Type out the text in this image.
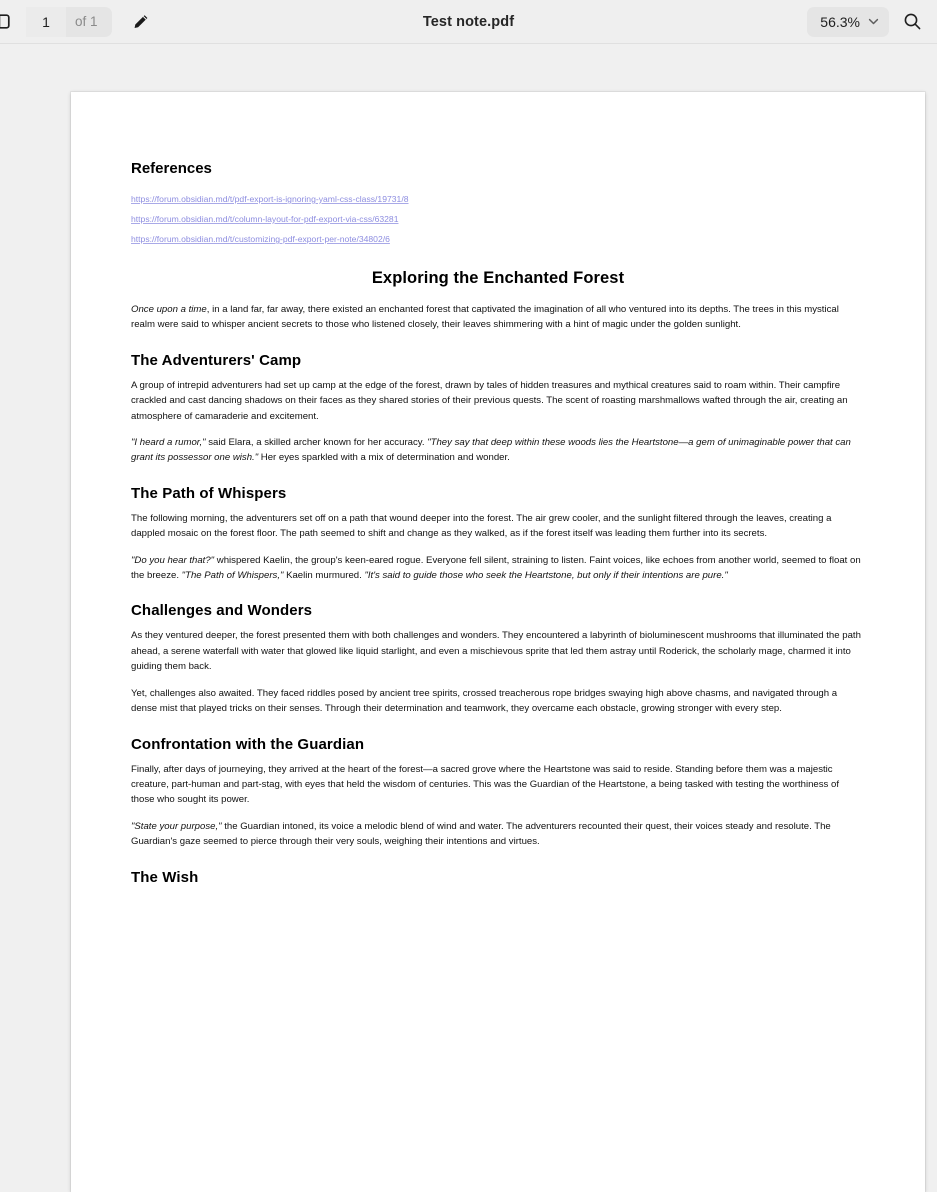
1
of 1	Test note.pdf	56.3%
References
https://forum.obsidian.md/t/pdf-export-is-ignoring-yaml-css-class/19731/8
https://forum.obsidian.md/t/column-layout-for-pdf-export-via-css/63281
https://forum.obsidian.md/t/customizing-pdf-export-per-note/34802/6
Exploring the Enchanted Forest

Once upon a time, in a land far, far away, there existed an enchanted forest that captivated the imagination of all who ventured into its depths. The trees in this mystical realm were said to whisper ancient secrets to those who listened closely, their leaves shimmering with a hint of magic under the golden sunlight.

The Adventurers' Camp

A group of intrepid adventurers had set up camp at the edge of the forest, drawn by tales of hidden treasures and mythical creatures said to roam within. Their campfire crackled and cast dancing shadows on their faces as they shared stories of their previous quests. The scent of roasting marshmallows wafted through the air, creating an atmosphere of camaraderie and excitement.

"I heard a rumor," said Elara, a skilled archer known for her accuracy. "They say that deep within these woods lies the Heartstone—a gem of unimaginable power that can grant its possessor one wish." Her eyes sparkled with a mix of determination and wonder.

The Path of Whispers

The following morning, the adventurers set off on a path that wound deeper into the forest. The air grew cooler, and the sunlight filtered through the leaves, creating a dappled mosaic on the forest floor. The path seemed to shift and change as they walked, as if the forest itself was leading them further into its secrets.

"Do you hear that?" whispered Kaelin, the group's keen-eared rogue. Everyone fell silent, straining to listen. Faint voices, like echoes from another world, seemed to float on the breeze. "The Path of Whispers," Kaelin murmured. "It's said to guide those who seek the Heartstone, but only if their intentions are pure."

Challenges and Wonders

As they ventured deeper, the forest presented them with both challenges and wonders. They encountered a labyrinth of bioluminescent mushrooms that illuminated the path ahead, a serene waterfall with water that glowed like liquid starlight, and even a mischievous sprite that led them astray until Roderick, the scholarly mage, charmed it into guiding them back.

Yet, challenges also awaited. They faced riddles posed by ancient tree spirits, crossed treacherous rope bridges swaying high above chasms, and navigated through a dense mist that played tricks on their senses. Through their determination and teamwork, they overcame each obstacle, growing stronger with every step.

Confrontation with the Guardian

Finally, after days of journeying, they arrived at the heart of the forest—a sacred grove where the Heartstone was said to reside. Standing before them was a majestic creature, part-human and part-stag, with eyes that held the wisdom of centuries. This was the Guardian of the Heartstone, a being tasked with testing the worthiness of those who sought its power.

"State your purpose," the Guardian intoned, its voice a melodic blend of wind and water. The adventurers recounted their quest, their voices steady and resolute. The Guardian's gaze seemed to pierce through their very souls, weighing their intentions and virtues.

The Wish
